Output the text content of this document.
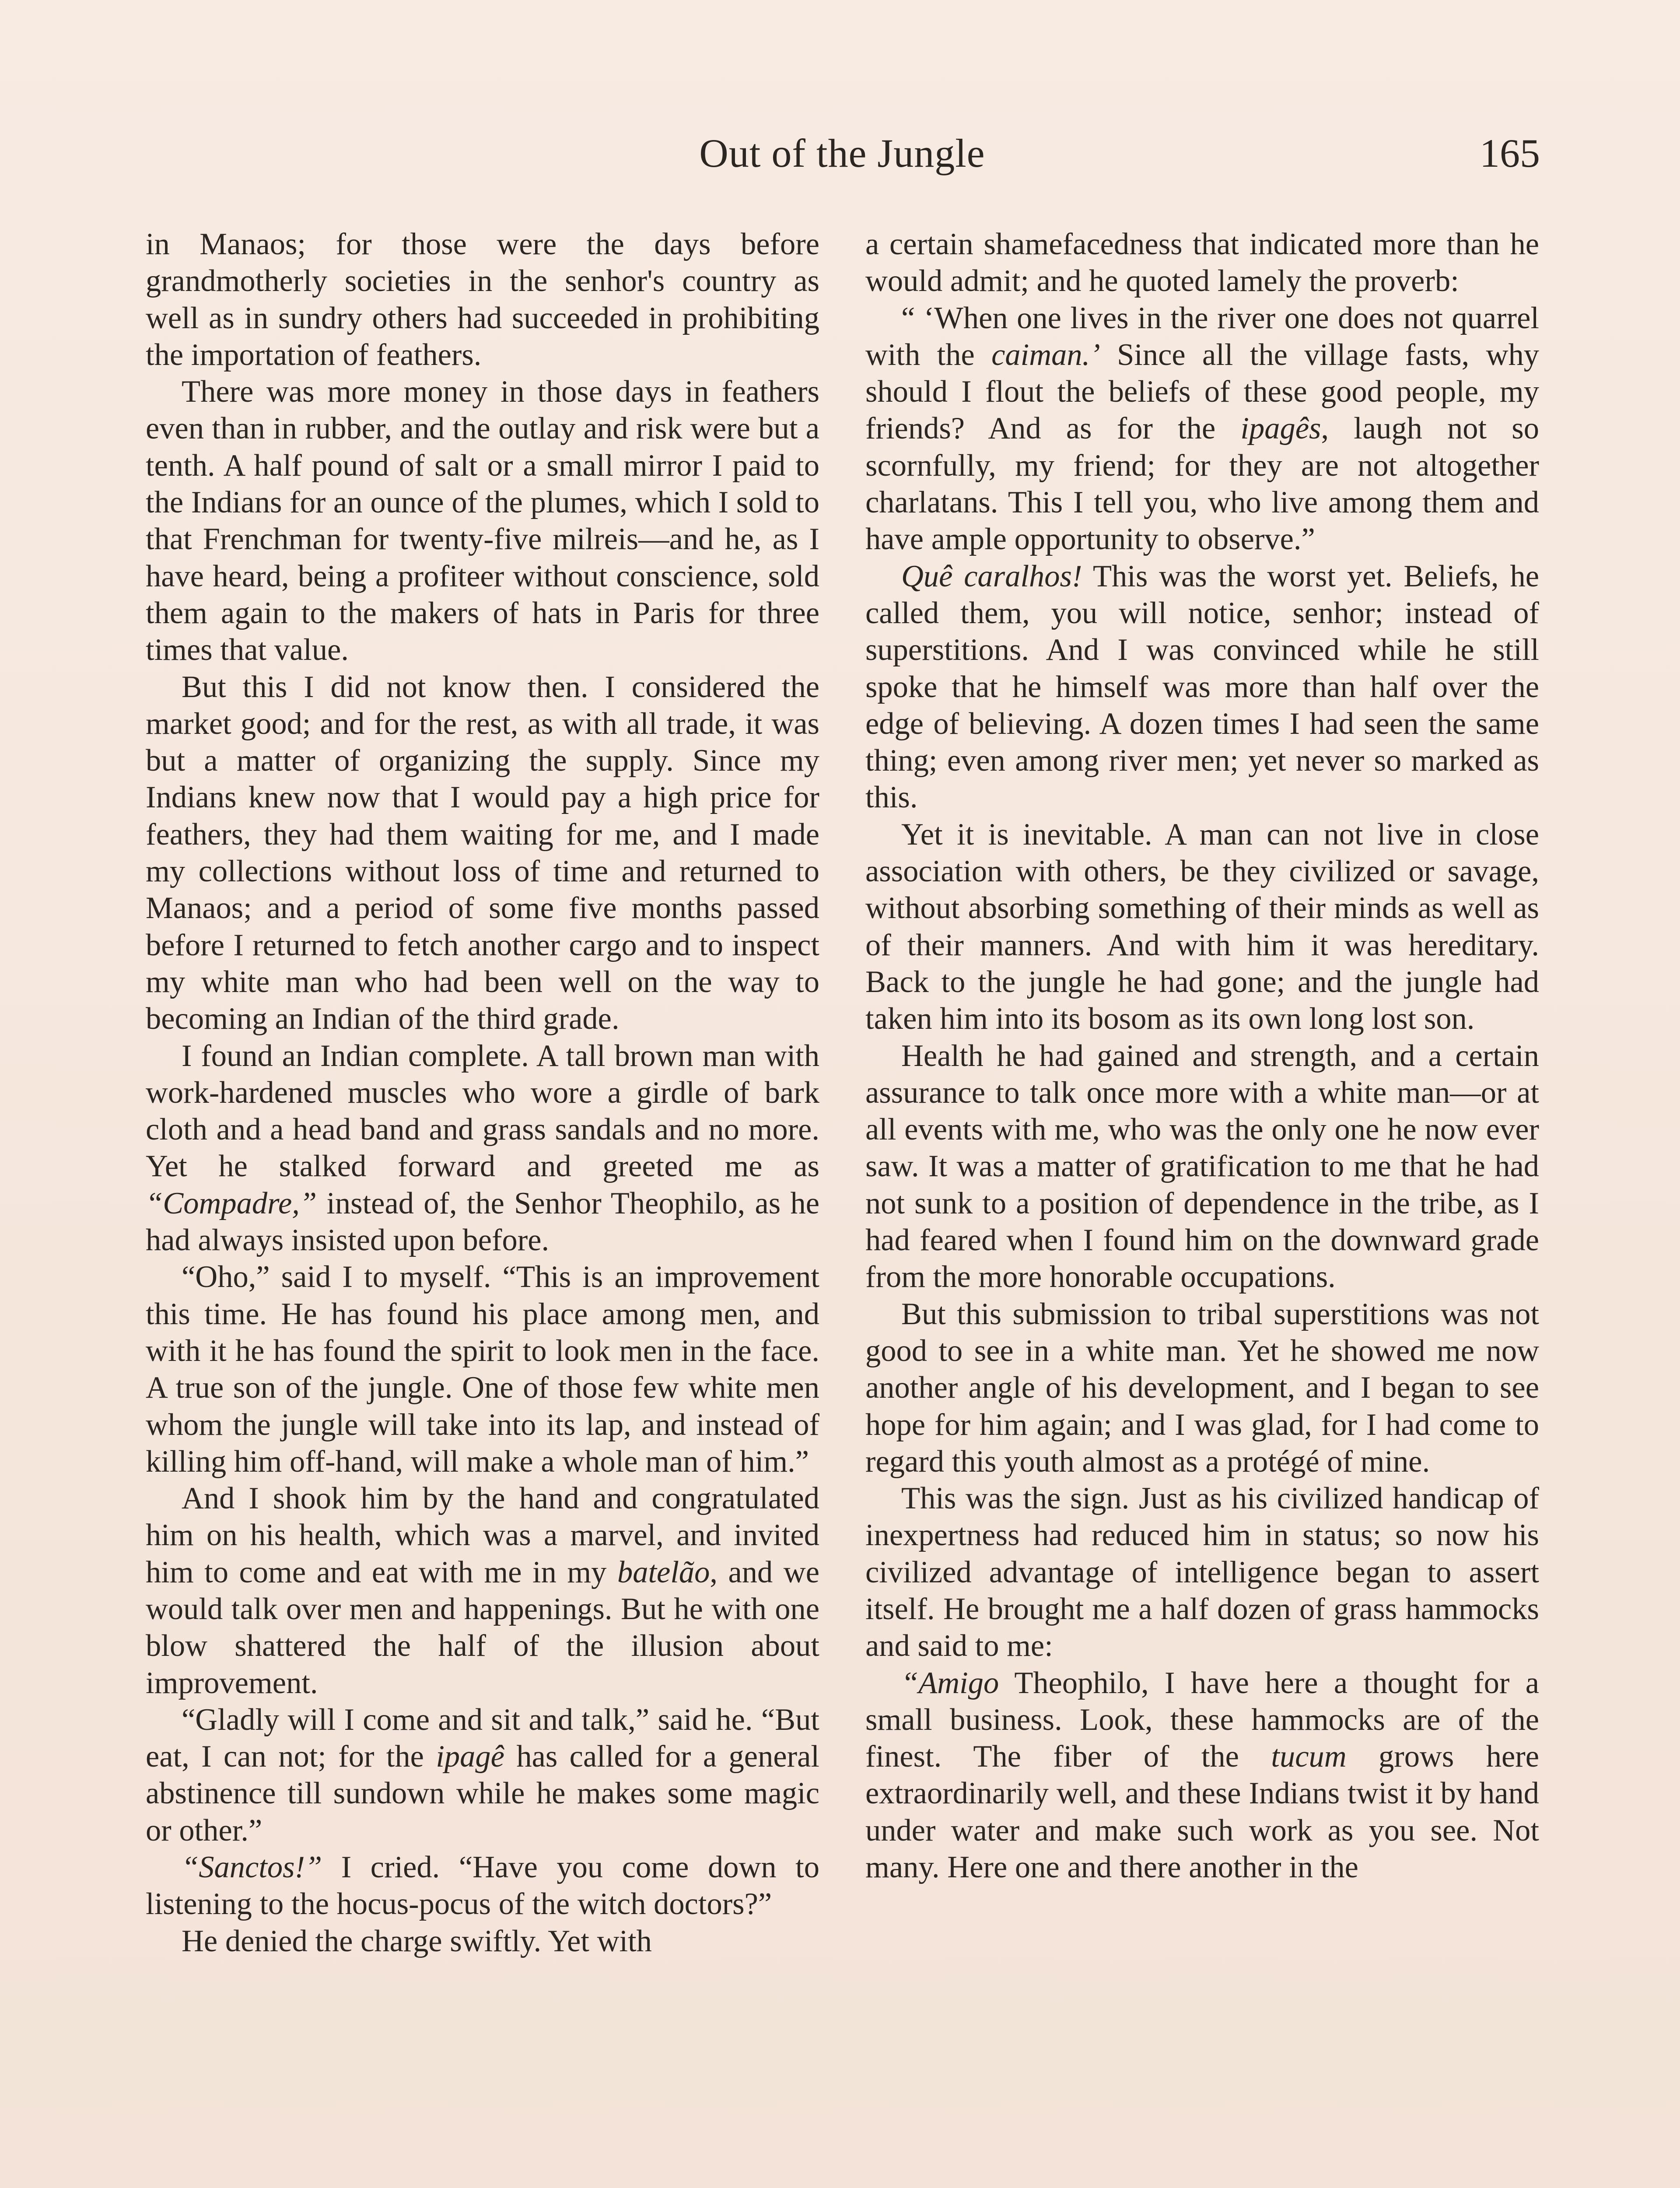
Out of the Jungle	165

in Manaos; for those were the days before grandmotherly societies in the senhor's country as well as in sundry others had succeeded in prohibiting the importation of feathers.

There was more money in those days in feathers even than in rubber, and the outlay and risk were but a tenth. A half pound of salt or a small mirror I paid to the Indians for an ounce of the plumes, which I sold to that Frenchman for twenty-five milreis—and he, as I have heard, being a profiteer without conscience, sold them again to the makers of hats in Paris for three times that value.

But this I did not know then. I considered the market good; and for the rest, as with all trade, it was but a matter of organizing the supply. Since my Indians knew now that I would pay a high price for feathers, they had them waiting for me, and I made my collections without loss of time and returned to Manaos; and a period of some five months passed before I returned to fetch another cargo and to inspect my white man who had been well on the way to becoming an Indian of the third grade.

I found an Indian complete. A tall brown man with work-hardened muscles who wore a girdle of bark cloth and a head band and grass sandals and no more. Yet he stalked forward and greeted me as “Compadre,” instead of, the Senhor Theophilo, as he had always insisted upon before.

“Oho,” said I to myself. “This is an improvement this time. He has found his place among men, and with it he has found the spirit to look men in the face. A true son of the jungle. One of those few white men whom the jungle will take into its lap, and instead of killing him off-hand, will make a whole man of him.”

And I shook him by the hand and congratulated him on his health, which was a marvel, and invited him to come and eat with me in my batelão, and we would talk over men and happenings. But he with one blow shattered the half of the illusion about improvement.

“Gladly will I come and sit and talk,” said he. “But eat, I can not; for the ipagê has called for a general abstinence till sundown while he makes some magic or other.”

“Sanctos!” I cried. “Have you come down to listening to the hocus-pocus of the witch doctors?”

He denied the charge swiftly. Yet with

a certain shamefacedness that indicated more than he would admit; and he quoted lamely the proverb:

“ ‘When one lives in the river one does not quarrel with the caiman.’ Since all the village fasts, why should I flout the beliefs of these good people, my friends? And as for the ipagês, laugh not so scornfully, my friend; for they are not altogether charlatans. This I tell you, who live among them and have ample opportunity to observe.”

Quê caralhos! This was the worst yet. Beliefs, he called them, you will notice, senhor; instead of superstitions. And I was convinced while he still spoke that he himself was more than half over the edge of believing. A dozen times I had seen the same thing; even among river men; yet never so marked as this.

Yet it is inevitable. A man can not live in close association with others, be they civilized or savage, without absorbing something of their minds as well as of their manners. And with him it was hereditary. Back to the jungle he had gone; and the jungle had taken him into its bosom as its own long lost son.

Health he had gained and strength, and a certain assurance to talk once more with a white man—or at all events with me, who was the only one he now ever saw. It was a matter of gratification to me that he had not sunk to a position of dependence in the tribe, as I had feared when I found him on the downward grade from the more honorable occupations.

But this submission to tribal superstitions was not good to see in a white man. Yet he showed me now another angle of his development, and I began to see hope for him again; and I was glad, for I had come to regard this youth almost as a protégé of mine.

This was the sign. Just as his civilized handicap of inexpertness had reduced him in status; so now his civilized advantage of intelligence began to assert itself. He brought me a half dozen of grass hammocks and said to me:

“Amigo Theophilo, I have here a thought for a small business. Look, these hammocks are of the finest. The fiber of the tucum grows here extraordinarily well, and these Indians twist it by hand under water and make such work as you see. Not many. Here one and there another in the
